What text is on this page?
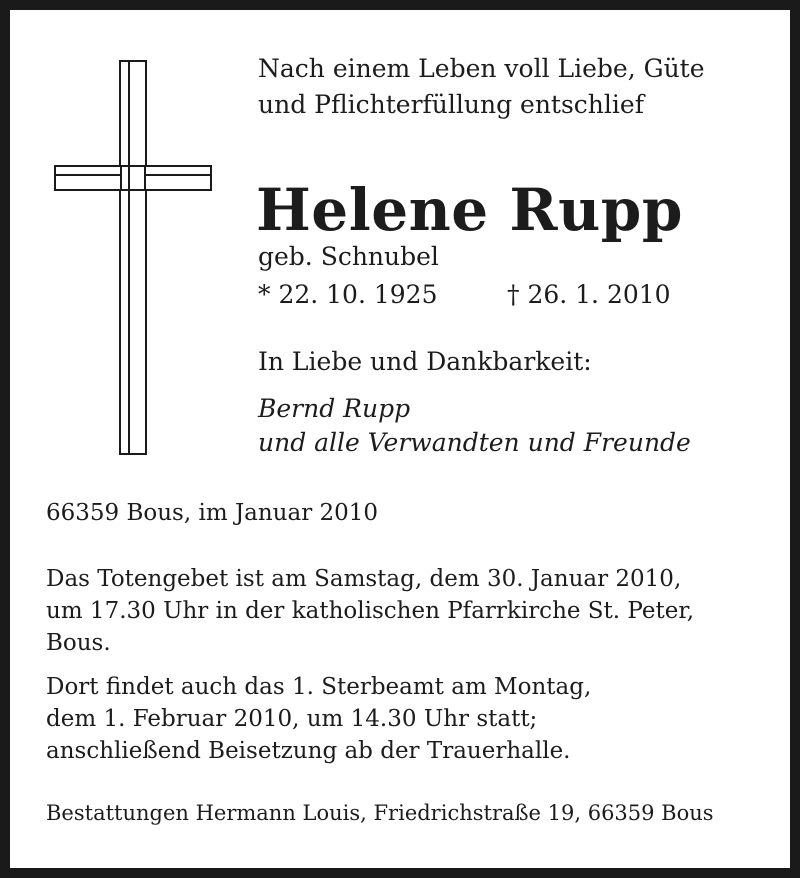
Nach einem Leben voll Liebe, Güte
und Pflichterfüllung entschlief
Helene Rupp
geb. Schnubel
* 22. 10. 1925	† 26. 1. 2010
In Liebe und Dankbarkeit:
Bernd Rupp
und alle Verwandten und Freunde
66359 Bous, im Januar 2010
Das Totengebet ist am Samstag, dem 30. Januar 2010,
um 17.30 Uhr in der katholischen Pfarrkirche St. Peter,
Bous.
Dort findet auch das 1. Sterbeamt am Montag,
dem 1. Februar 2010, um 14.30 Uhr statt;
anschließend Beisetzung ab der Trauerhalle.
Bestattungen Hermann Louis, Friedrichstraße 19, 66359 Bous
